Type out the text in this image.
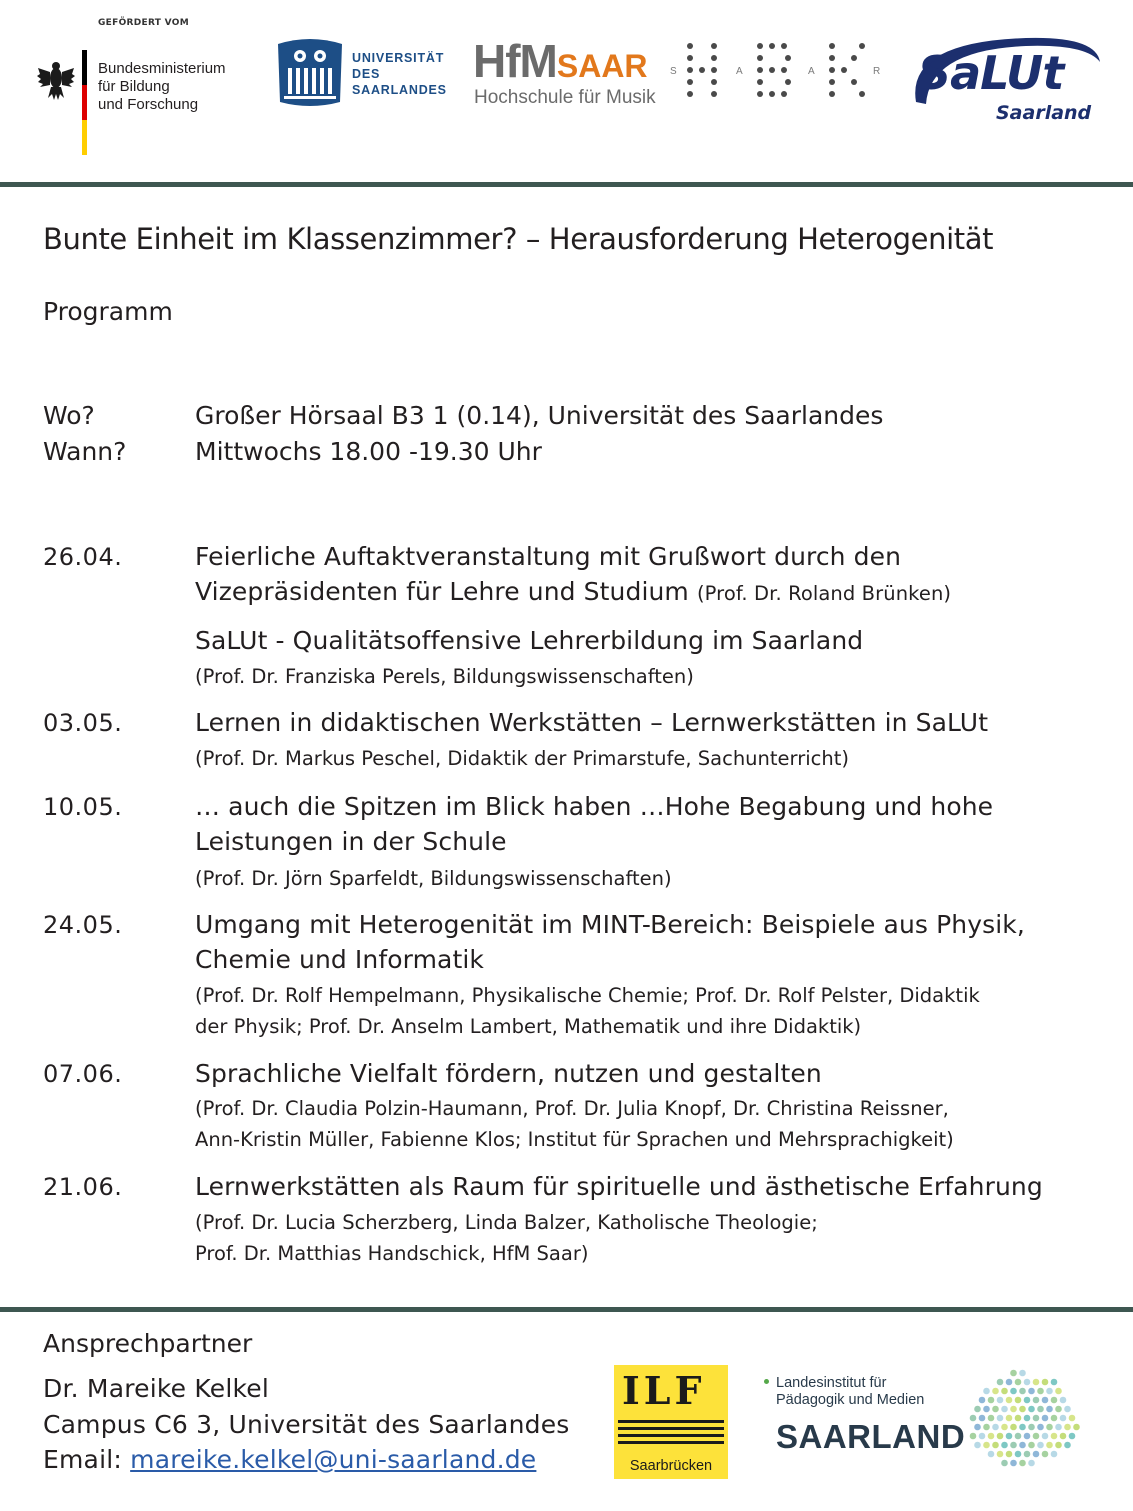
GEFÖRDERT VOM
Bundesministerium
für Bildung
und Forschung
UNIVERSITÄT
DES
SAARLANDES
HfMSAAR
Hochschule für Musik
S	A	A	R SaLUt
Saarland
Bunte Einheit im Klassenzimmer? – Herausforderung Heterogenität
Programm
Wo?	Großer Hörsaal B3 1 (0.14), Universität des Saarlandes
Wann?	Mittwochs 18.00 -19.30 Uhr
26.04.	Feierliche Auftaktveranstaltung mit Grußwort durch den
Vizepräsidenten für Lehre und Studium (Prof. Dr. Roland Brünken)
SaLUt - Qualitätsoffensive Lehrerbildung im Saarland
(Prof. Dr. Franziska Perels, Bildungswissenschaften)
03.05.	Lernen in didaktischen Werkstätten – Lernwerkstätten in SaLUt
(Prof. Dr. Markus Peschel, Didaktik der Primarstufe, Sachunterricht)
10.05.	… auch die Spitzen im Blick haben …Hohe Begabung und hohe
Leistungen in der Schule
(Prof. Dr. Jörn Sparfeldt, Bildungswissenschaften)
24.05.	Umgang mit Heterogenität im MINT-Bereich: Beispiele aus Physik,
Chemie und Informatik
(Prof. Dr. Rolf Hempelmann, Physikalische Chemie; Prof. Dr. Rolf Pelster, Didaktik
der Physik; Prof. Dr. Anselm Lambert, Mathematik und ihre Didaktik)
07.06.	Sprachliche Vielfalt fördern, nutzen und gestalten
(Prof. Dr. Claudia Polzin-Haumann, Prof. Dr. Julia Knopf, Dr. Christina Reissner,
Ann-Kristin Müller, Fabienne Klos; Institut für Sprachen und Mehrsprachigkeit)
21.06.	Lernwerkstätten als Raum für spirituelle und ästhetische Erfahrung
(Prof. Dr. Lucia Scherzberg, Linda Balzer, Katholische Theologie;
Prof. Dr. Matthias Handschick, HfM Saar)
Ansprechpartner
Dr. Mareike Kelkel
Campus C6 3, Universität des Saarlandes
Email: mareike.kelkel@uni-saarland.de
ILF
Saarbrücken
Landesinstitut für
Pädagogik und Medien
SAARLAND
